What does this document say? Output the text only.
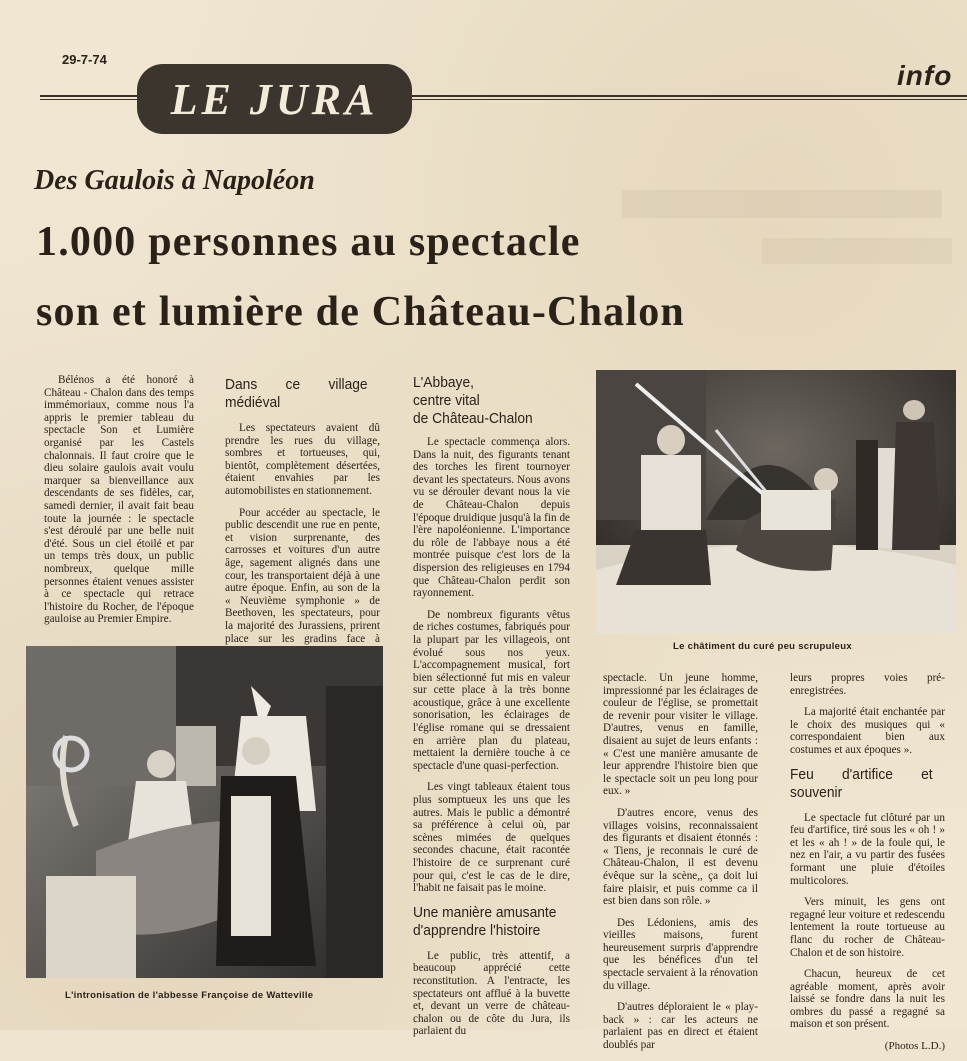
29-7-74
LE JURA	info
Des Gaulois à Napoléon
1.000 personnes au spectacle
son et lumière de Château-Chalon

Bélénos a été honoré à Château - Chalon dans des temps immémoriaux, comme nous l'a appris le premier tableau du spectacle Son et Lumière organisé par les Castels chalonnais. Il faut croire que le dieu solaire gaulois avait voulu marquer sa bienveillance aux descendants de ses fidèles, car, samedi dernier, il avait fait beau toute la journée : le spectacle s'est déroulé par une belle nuit d'été. Sous un ciel étoilé et par un temps très doux, un public nombreux, quelque mille personnes étaient venues assister à ce spectacle qui retrace l'histoire du Rocher, de l'époque gauloise au Premier Empire.

Dans ce village médiéval

Les spectateurs avaient dû prendre les rues du village, sombres et tortueuses, qui, bientôt, complètement désertées, étaient envahies par les automobilistes en stationnement.

Pour accéder au spectacle, le public descendit une rue en pente, et vision surprenante, des carrosses et voitures d'un autre âge, sagement alignés dans une cour, les transportaient déjà à une autre époque. Enfin, au son de la « Neuvième symphonie » de Beethoven, les spectateurs, pour la majorité des Jurassiens, prirent place sur les gradins face à

L'Abbaye,
centre vital
de Château-Chalon

Le spectacle commença alors. Dans la nuit, des figurants tenant des torches les firent tournoyer devant les spectateurs. Nous avons vu se dérouler devant nous la vie de Château-Chalon depuis l'époque druidique jusqu'à la fin de l'ère napoléonienne. L'importance du rôle de l'abbaye nous a été montrée puisque c'est lors de la dispersion des religieuses en 1794 que Château-Chalon perdit son rayonnement.

De nombreux figurants vêtus de riches costumes, fabriqués pour la plupart par les villageois, ont évolué sous nos yeux. L'accompagnement musical, fort bien sélectionné fut mis en valeur sur cette place à la très bonne acoustique, grâce à une excellente sonorisation, les éclairages de l'église romane qui se dressaient en arrière plan du plateau, mettaient la dernière touche à ce spectacle d'une quasi-perfection.

Les vingt tableaux étaient tous plus somptueux les uns que les autres. Mais le public a démontré sa préférence à celui où, par scènes mimées de quelques secondes chacune, était racontée l'histoire de ce surprenant curé pour qui, c'est le cas de le dire, l'habit ne faisait pas le moine.

Une manière amusante
d'apprendre l'histoire

Le public, très attentif, a beaucoup apprécié cette reconstitution. A l'entracte, les spectateurs ont afflué à la buvette et, devant un verre de château-chalon ou de côte du Jura, ils parlaient du

Le châtiment du curé peu scrupuleux
L'intronisation de l'abbesse Françoise de Watteville

spectacle. Un jeune homme, impressionné par les éclairages de couleur de l'église, se promettait de revenir pour visiter le village. D'autres, venus en famille, disaient au sujet de leurs enfants : « C'est une manière amusante de leur apprendre l'histoire bien que le spectacle soit un peu long pour eux. »

D'autres encore, venus des villages voisins, reconnaissaient des figurants et disaient étonnés : « Tiens, je reconnais le curé de Château-Chalon, il est devenu évêque sur la scène,, ça doit lui faire plaisir, et puis comme ca il est bien dans son rôle. »

Des Lédoniens, amis des vieilles maisons, furent heureusement surpris d'apprendre que les bénéfices d'un tel spectacle servaient à la rénovation du village.

D'autres déploraient le « play-back » : car les acteurs ne parlaient pas en direct et étaient doublés par

leurs propres voies pré-enregistrées.

La majorité était enchantée par le choix des musiques qui « correspondaient bien aux costumes et aux époques ».

Feu d'artifice et souvenir

Le spectacle fut clôturé par un feu d'artifice, tiré sous les « oh ! » et les « ah ! » de la foule qui, le nez en l'air, a vu partir des fusées formant une pluie d'étoiles multicolores.

Vers minuit, les gens ont regagné leur voiture et redescendu lentement la route tortueuse au flanc du rocher de Château-Chalon et de son histoire.

Chacun, heureux de cet agréable moment, après avoir laissé se fondre dans la nuit les ombres du passé a regagné sa maison et son présent.

(Photos L.D.)
